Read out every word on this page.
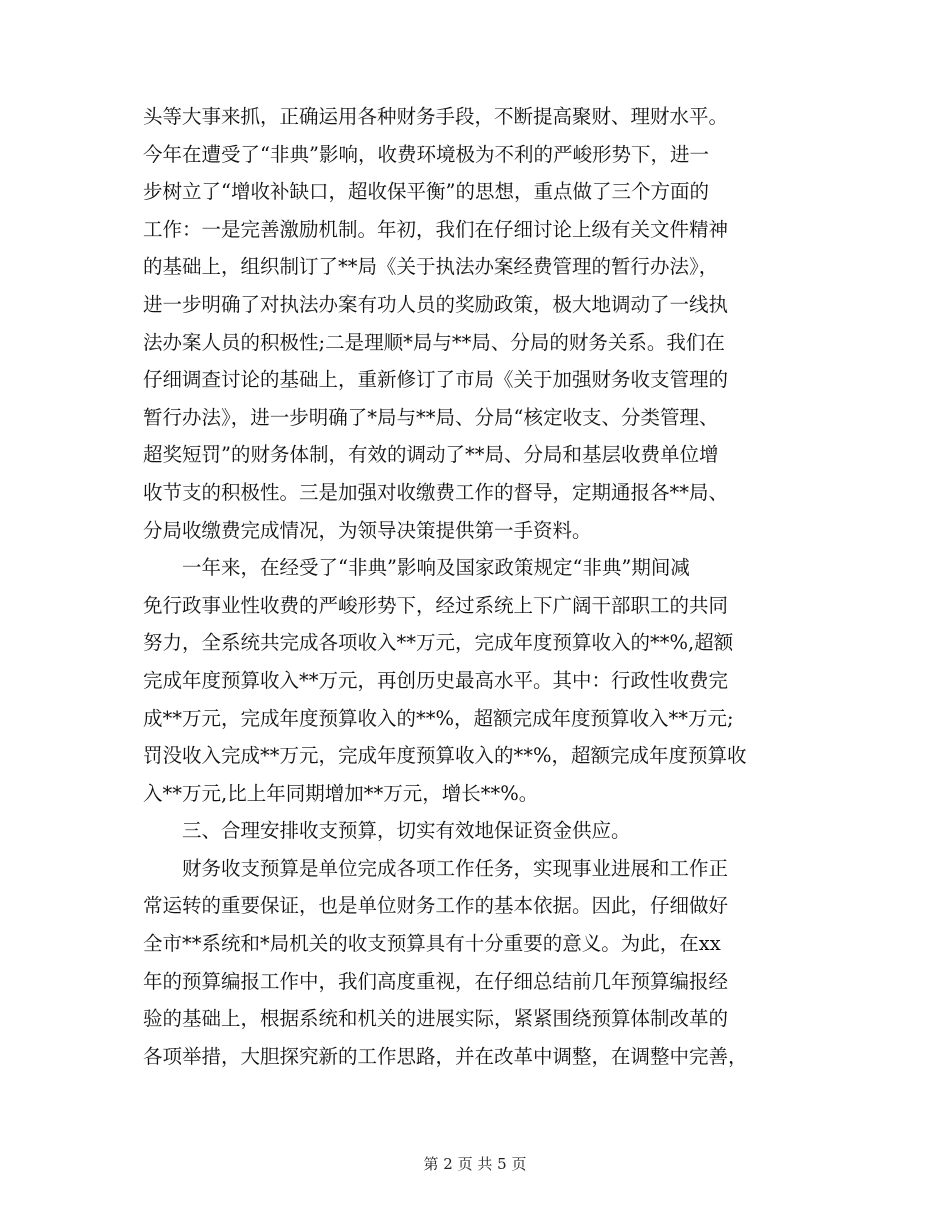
头等大事来抓，正确运用各种财务手段，不断提高聚财、理财水平。
今年在遭受了“非典”影响，收费环境极为不利的严峻形势下，进一
步树立了“增收补缺口，超收保平衡”的思想，重点做了三个方面的
工作：一是完善激励机制。年初，我们在仔细讨论上级有关文件精神
的基础上，组织制订了**局《关于执法办案经费管理的暂行办法》，
进一步明确了对执法办案有功人员的奖励政策，极大地调动了一线执
法办案人员的积极性;二是理顺*局与**局、分局的财务关系。我们在
仔细调查讨论的基础上，重新修订了市局《关于加强财务收支管理的
暂行办法》，进一步明确了*局与**局、分局“核定收支、分类管理、
超奖短罚”的财务体制，有效的调动了**局、分局和基层收费单位增
收节支的积极性。三是加强对收缴费工作的督导，定期通报各**局、
分局收缴费完成情况，为领导决策提供第一手资料。
　　一年来，在经受了“非典”影响及国家政策规定“非典”期间减
免行政事业性收费的严峻形势下，经过系统上下广阔干部职工的共同
努力，全系统共完成各项收入**万元，完成年度预算收入的**%,超额
完成年度预算收入**万元，再创历史最高水平。其中：行政性收费完
成**万元，完成年度预算收入的**%，超额完成年度预算收入**万元;
罚没收入完成**万元，完成年度预算收入的**%，超额完成年度预算收
入**万元,比上年同期增加**万元，增长**%。
　　三、合理安排收支预算，切实有效地保证资金供应。
　　财务收支预算是单位完成各项工作任务，实现事业进展和工作正
常运转的重要保证，也是单位财务工作的基本依据。因此，仔细做好
全市**系统和*局机关的收支预算具有十分重要的意义。为此，在xx
年的预算编报工作中，我们高度重视，在仔细总结前几年预算编报经
验的基础上，根据系统和机关的进展实际，紧紧围绕预算体制改革的
各项举措，大胆探究新的工作思路，并在改革中调整，在调整中完善，
第 2 页 共 5 页
